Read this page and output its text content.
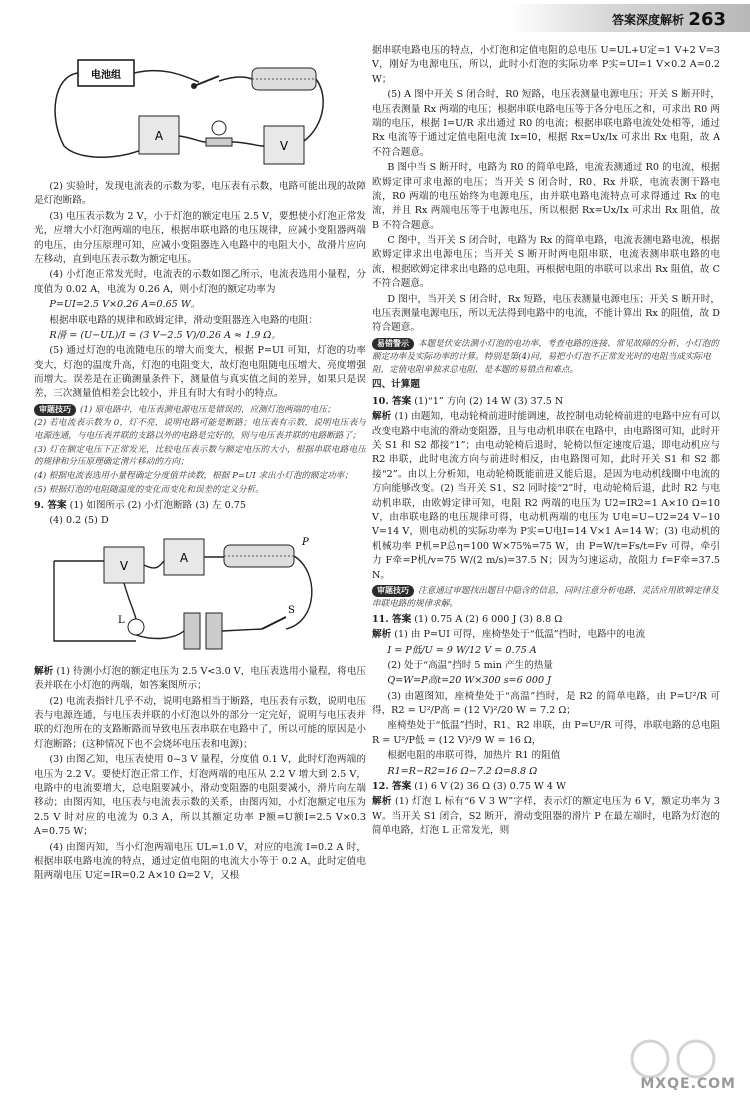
答案深度解析 263
电池组
A
V

(2) 实验时，发现电流表的示数为零，电压表有示数，电路可能出现的故障是灯泡断路。

(3) 电压表示数为 2 V，小于灯泡的额定电压 2.5 V，要想使小灯泡正常发光，应增大小灯泡两端的电压，根据串联电路的电压规律，应减小变阻器两端的电压，由分压原理可知，应减小变阻器连入电路中的电阻大小，故滑片应向左移动，直到电压表示数为额定电压。

(4) 小灯泡正常发光时，电流表的示数如图乙所示，电流表选用小量程，分度值为 0.02 A，电流为 0.26 A，则小灯泡的额定功率为

P=UI=2.5 V×0.26 A=0.65 W。

根据串联电路的规律和欧姆定律，滑动变阻器连入电路的电阻：

R滑 = (U−UL)/I = (3 V−2.5 V)/0.26 A ≈ 1.9 Ω。

(5) 通过灯泡的电流随电压的增大而变大，根据 P=UI 可知，灯泡的功率变大，灯泡的温度升高，灯泡的电阻变大，故灯泡电阻随电压增大、亮度增强而增大。误差是在正确测量条件下，测量值与真实值之间的差异，如果只是误差，三次测量值相差会比较小，并且有时大有时小的特点。

审题技巧 (1) 原电路中，电压表测电源电压是错误的，应测灯泡两端的电压；

(2) 若电流表示数为 0，灯不亮，说明电路可能是断路；电压表有示数，说明电压表与电源连通，与电压表并联的支路以外的电路是完好的，则与电压表并联的电路断路了；

(3) 灯在额定电压下正常发光，比较电压表示数与额定电压的大小，根据串联电路电压的规律和分压原理确定滑片移动的方向；

(4) 根据电流表选用小量程确定分度值并读数，根据 P=UI 求出小灯泡的额定功率；

(5) 根据灯泡的电阻随温度的变化而变化和误差的定义分析。

9. 答案 (1) 如图所示 (2) 小灯泡断路 (3) 左 0.75

(4) 0.2 (5) D

V
A
P
L
S

解析 (1) 待测小灯泡的额定电压为 2.5 V<3.0 V，电压表选用小量程，将电压表并联在小灯泡的两端，如答案图所示；

(2) 电流表指针几乎不动，说明电路相当于断路，电压表有示数，说明电压表与电源连通，与电压表并联的小灯泡以外的部分一定完好，说明与电压表并联的灯泡所在的支路断路而导致电压表串联在电路中了，所以可能的原因是小灯泡断路；(这种情况下也不会烧坏电压表和电源)；

(3) 由图乙知，电压表使用 0~3 V 量程，分度值 0.1 V，此时灯泡两端的电压为 2.2 V。要使灯泡正常工作，灯泡两端的电压从 2.2 V 增大到 2.5 V，电路中的电流要增大，总电阻要减小，滑动变阻器的电阻要减小，滑片向左端移动；由图丙知，电压表与电流表示数的关系，由图丙知，小灯泡额定电压为 2.5 V 时对应的电流为 0.3 A，所以其额定功率 P额=U额I=2.5 V×0.3 A=0.75 W；

(4) 由图丙知，当小灯泡两端电压 UL=1.0 V，对应的电流 I=0.2 A 时，根据串联电路电流的特点，通过定值电阻的电流大小等于 0.2 A，此时定值电阻两端电压 U定=IR=0.2 A×10 Ω=2 V，又根

据串联电路电压的特点，小灯泡和定值电阻的总电压 U=UL+U定=1 V+2 V=3 V，刚好为电源电压，所以，此时小灯泡的实际功率 P实=UI=1 V×0.2 A=0.2 W；

(5) A 图中开关 S 闭合时，R0 短路，电压表测量电源电压；开关 S 断开时，电压表测量 Rx 两端的电压；根据串联电路电压等于各分电压之和，可求出 R0 两端的电压，根据 I=U/R 求出通过 R0 的电流；根据串联电路电流处处相等，通过 Rx 电流等于通过定值电阻电流 Ix=I0，根据 Rx=Ux/Ix 可求出 Rx 电阻，故 A 不符合题意。

B 图中当 S 断开时，电路为 R0 的简单电路，电流表测通过 R0 的电流，根据欧姆定律可求电源的电压；当开关 S 闭合时，R0、Rx 并联，电流表测干路电流，R0 两端的电压始终为电源电压，由并联电路电流特点可求得通过 Rx 的电流，并且 Rx 两端电压等于电源电压，所以根据 Rx=Ux/Ix 可求出 Rx 阻值，故 B 不符合题意。

C 图中，当开关 S 闭合时，电路为 Rx 的简单电路，电流表测电路电流，根据欧姆定律求出电源电压；当开关 S 断开时两电阻串联，电流表测串联电路的电流，根据欧姆定律求出电路的总电阻，再根据电阻的串联可以求出 Rx 阻值，故 C 不符合题意。

D 图中，当开关 S 闭合时，Rx 短路，电压表测量电源电压；开关 S 断开时，电压表测量电源电压，所以无法得到电路中的电流，不能计算出 Rx 的阻值，故 D 符合题意。

易错警示 本题是伏安法测小灯泡的电功率，考查电路的连接、常见故障的分析、小灯泡的额定功率及实际功率的计算。特别是第(4)问，易把小灯泡不正常发光时的电阻当成实际电阻，定值电阻单独求总电阻，是本题的易错点和难点。

四、计算题

10. 答案 (1)“1” 方向 (2) 14 W (3) 37.5 N

解析 (1) 由题知，电动轮椅前进时能调速，故控制电动轮椅前进的电路中应有可以改变电路中电流的滑动变阻器，且与电动机串联在电路中，由电路图可知，此时开关 S1 和 S2 都接“1”；由电动轮椅后退时，轮椅以恒定速度后退，即电动机应与 R2 串联，此时电流方向与前进时相反，由电路图可知，此时开关 S1 和 S2 都接“2”。由以上分析知，电动轮椅既能前进又能后退，是因为电动机线圈中电流的方向能够改变。(2) 当开关 S1、S2 同时接“2”时，电动轮椅后退，此时 R2 与电动机串联，由欧姆定律可知，电阻 R2 两端的电压为 U2=IR2=1 A×10 Ω=10 V，由串联电路的电压规律可得，电动机两端的电压为 U电=U−U2=24 V−10 V=14 V，则电动机的实际功率为 P实=U电I=14 V×1 A=14 W；(3) 电动机的机械功率 P机=P总η=100 W×75%=75 W，由 P=W/t=Fs/t=Fv 可得，牵引力 F牵=P机/v=75 W/(2 m/s)=37.5 N；因为匀速运动，故阻力 f=F牵=37.5 N。

审题技巧 注意通过审题找出题目中隐含的信息，同时注意分析电路，灵活应用欧姆定律及串联电路的规律求解。

11. 答案 (1) 0.75 A (2) 6 000 J (3) 8.8 Ω

解析 (1) 由 P=UI 可得，座椅垫处于“低温”挡时，电路中的电流

I = P低/U = 9 W/12 V = 0.75 A

(2) 处于“高温”挡时 5 min 产生的热量

Q=W=P高t=20 W×300 s=6 000 J

(3) 由题图知，座椅垫处于“高温”挡时，是 R2 的简单电路，由 P=U²/R 可得，R2 = U²/P高 = (12 V)²/20 W = 7.2 Ω；

座椅垫处于“低温”挡时，R1、R2 串联，由 P=U²/R 可得，串联电路的总电阻 R = U²/P低 = (12 V)²/9 W = 16 Ω，

根据电阻的串联可得，加热片 R1 的阻值

R1=R−R2=16 Ω−7.2 Ω=8.8 Ω

12. 答案 (1) 6 V (2) 36 Ω (3) 0.75 W 4 W

解析 (1) 灯泡 L 标有“6 V 3 W”字样，表示灯的额定电压为 6 V，额定功率为 3 W。当开关 S1 闭合，S2 断开，滑动变阻器的滑片 P 在最左端时，电路为灯泡的简单电路，灯泡 L 正常发光，则

MXQE.COM
